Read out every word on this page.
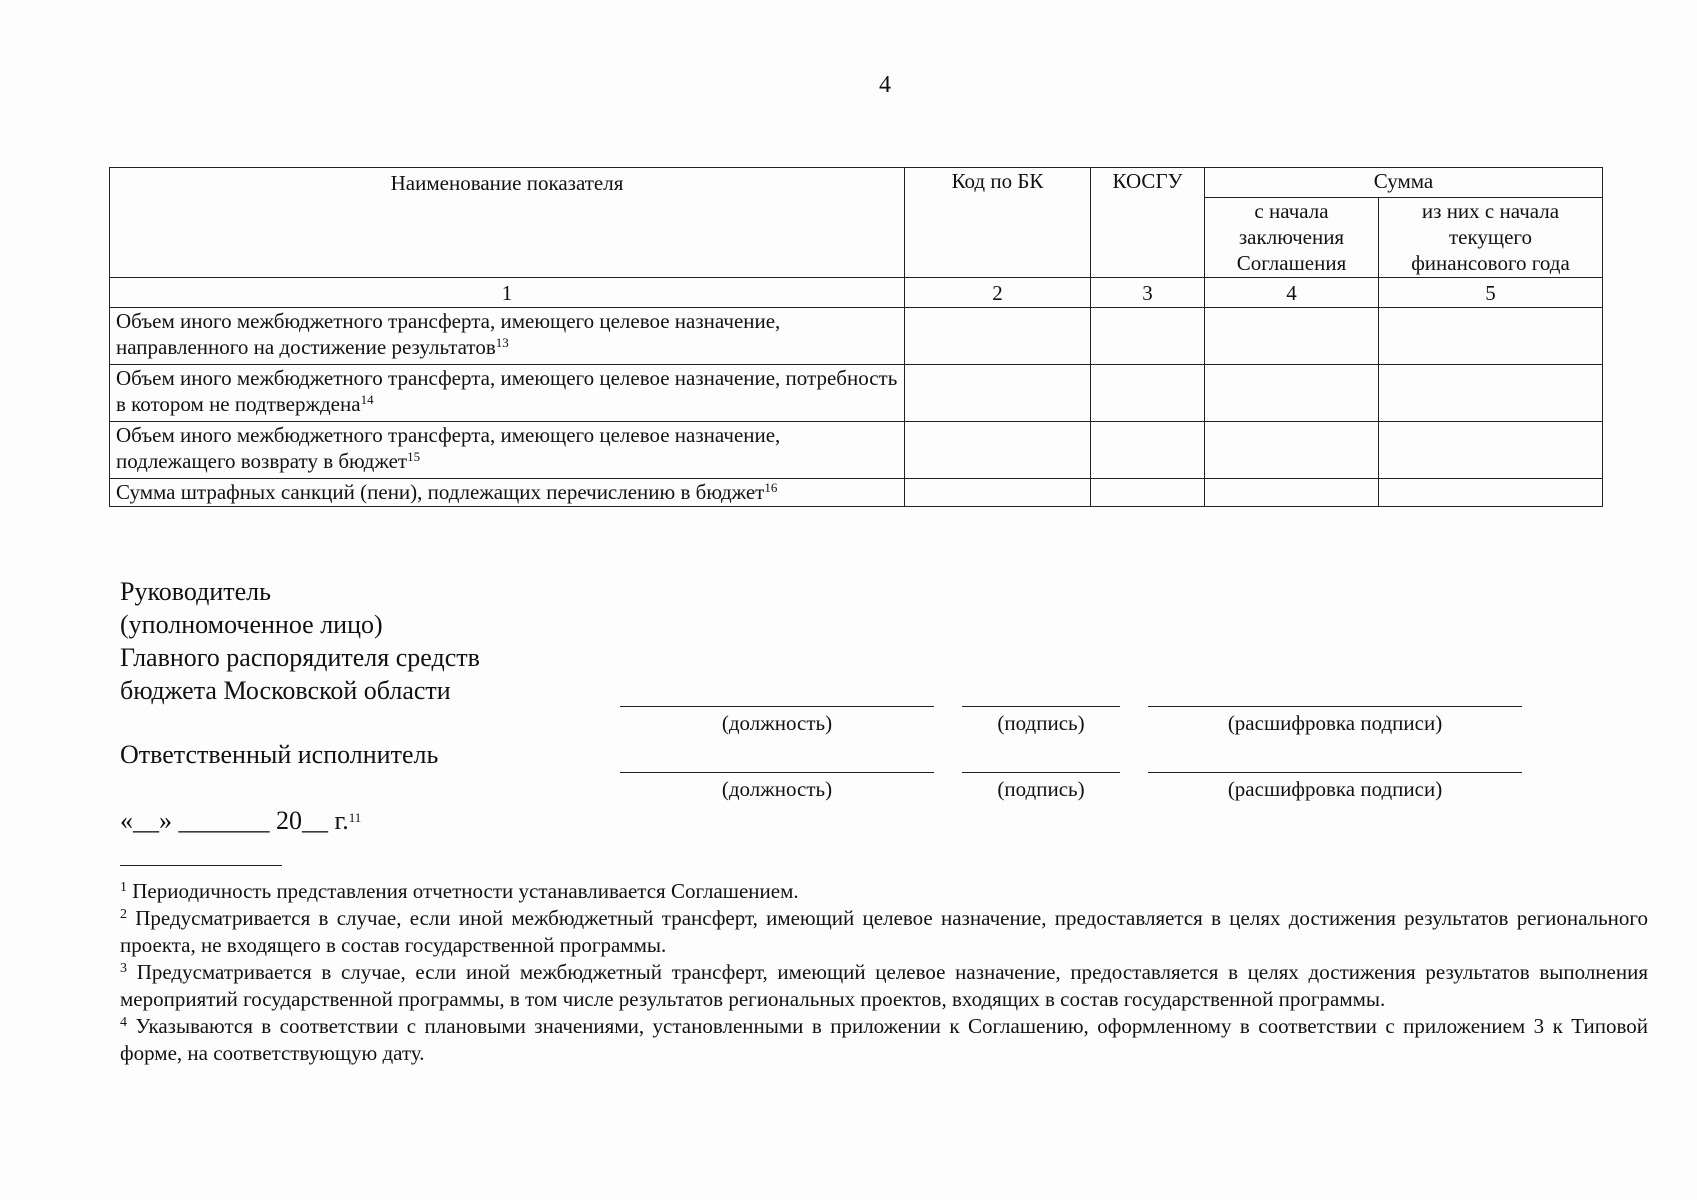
4
Наименование показателя	Код по БК	КОСГУ	Сумма	

			с начала заключения Соглашения	из них с начала текущего финансового года

1	2	3	4	5
Объем иного межбюджетного трансферта, имеющего целевое назначение, направленного на достижение результатов$^{13}$				
Объем иного межбюджетного трансферта, имеющего целевое назначение, потребность в котором не подтверждена$^{14}$				
Объем иного межбюджетного трансферта, имеющего целевое назначение, подлежащего возврату в бюджет$^{15}$				
Сумма штрафных санкций (пени), подлежащих перечислению в бюджет$^{16}$				
Руководитель
(уполномоченное лицо)
Главного распорядителя средств
бюджета Московской области
(должность)	(подпись)	(расшифровка подписи)
Ответственный исполнитель
(должность)	(подпись)	(расшифровка подписи)
«__» _______ 20__ г.$^{11}$

$^1$ Периодичность представления отчетности устанавливается Соглашением.

$^2$ Предусматривается в случае, если иной межбюджетный трансферт, имеющий целевое назначение, предоставляется в целях достижения результатов регионального проекта, не входящего в состав государственной программы.

$^3$ Предусматривается в случае, если иной межбюджетный трансферт, имеющий целевое назначение, предоставляется в целях достижения результатов выполнения мероприятий государственной программы, в том числе результатов региональных проектов, входящих в состав государственной программы.

$^4$ Указываются в соответствии с плановыми значениями, установленными в приложении к Соглашению, оформленному в соответствии с приложением 3 к Типовой форме, на соответствующую дату.
